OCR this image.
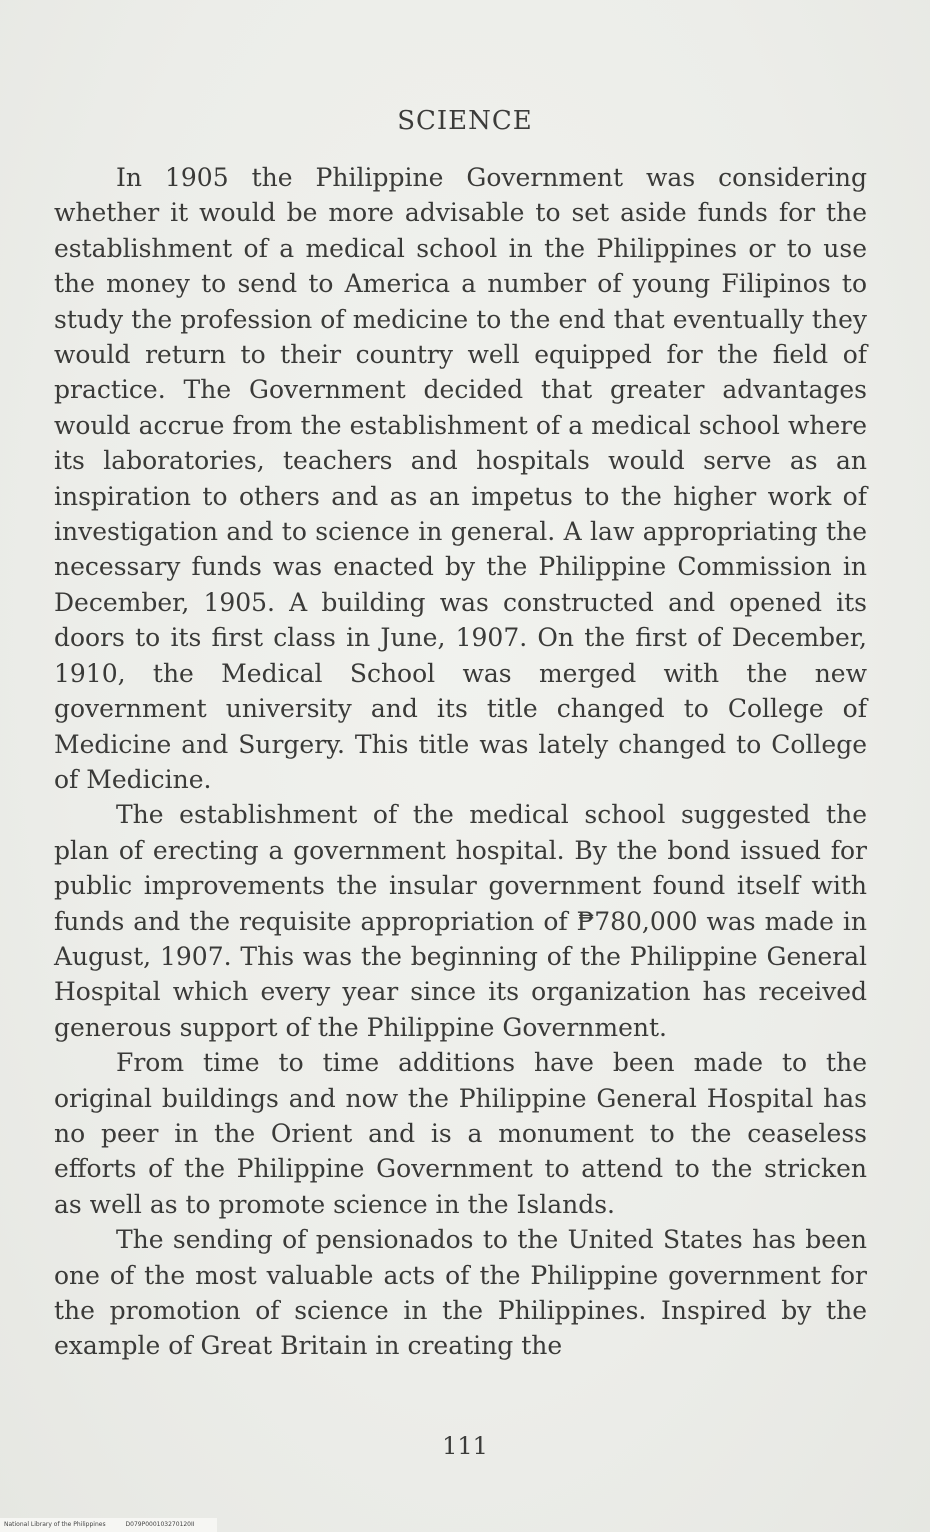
SCIENCE

In 1905 the Philippine Government was considering whether it would be more advisable to set aside funds for the establishment of a medical school in the Philippines or to use the money to send to America a number of young Filipinos to study the profession of medicine to the end that eventually they would return to their country well equipped for the field of practice. The Government decided that greater advantages would accrue from the establishment of a medical school where its laboratories, teachers and hospitals would serve as an inspiration to others and as an impetus to the higher work of investigation and to science in general. A law appropriating the necessary funds was enacted by the Philippine Commission in December, 1905. A building was constructed and opened its doors to its first class in June, 1907. On the first of December, 1910, the Medical School was merged with the new government university and its title changed to College of Medicine and Surgery. This title was lately changed to College of Medicine.

The establishment of the medical school suggested the plan of erecting a government hospital. By the bond issued for public improvements the insular government found itself with funds and the requisite appropriation of ₱780,000 was made in August, 1907. This was the beginning of the Philippine General Hospital which every year since its organization has received generous support of the Philippine Government.

From time to time additions have been made to the original buildings and now the Philippine General Hospital has no peer in the Orient and is a monument to the ceaseless efforts of the Philippine Government to attend to the stricken as well as to promote science in the Islands.

The sending of pensionados to the United States has been one of the most valuable acts of the Philippine government for the promotion of science in the Philippines. Inspired by the example of Great Britain in creating the

111
National Library of the Philippines	D079P000103270120II
